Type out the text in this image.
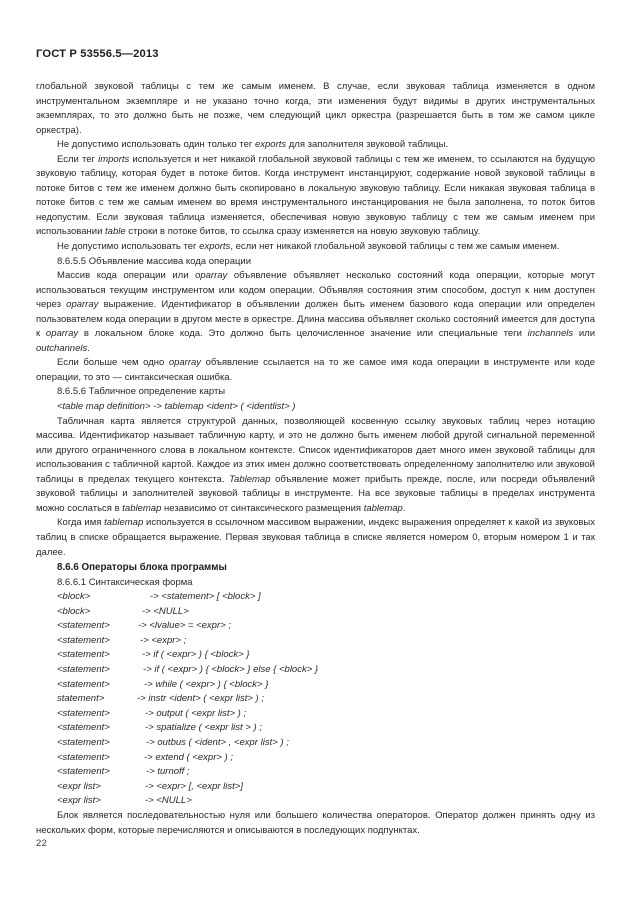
ГОСТ Р 53556.5—2013

глобальной звуковой таблицы с тем же самым именем. В случае, если звуковая таблица изменяется в одном инструментальном экземпляре и не указано точно когда, эти изменения будут видимы в других инструментальных экземплярах, то это должно быть не позже, чем следующий цикл оркестра (разрешается быть в том же самом цикле оркестра).

Не допустимо использовать один только тег exports для заполнителя звуковой таблицы.

Если тег imports используется и нет никакой глобальной звуковой таблицы с тем же именем, то ссылаются на будущую звуковую таблицу, которая будет в потоке битов. Когда инструмент инстанцируют, содержание новой звуковой таблицы в потоке битов с тем же именем должно быть скопировано в локальную звуковую таблицу. Если никакая звуковая таблица в потоке битов с тем же самым именем во время инструментального инстанцирования не была заполнена, то поток битов недопустим. Если звуковая таблица изменяется, обеспечивая новую звуковую таблицу с тем же самым именем при использовании table строки в потоке битов, то ссылка сразу изменяется на новую звуковую таблицу.

Не допустимо использовать тег exports, если нет никакой глобальной звуковой таблицы с тем же самым именем.

8.6.5.5 Объявление массива кода операции

Массив кода операции или oparray объявление объявляет несколько состояний кода операции, которые могут использоваться текущим инструментом или кодом операции. Объявляя состояния этим способом, доступ к ним доступен через oparray выражение. Идентификатор в объявлении должен быть именем базового кода операции или определен пользователем кода операции в другом месте в оркестре. Длина массива объявляет сколько состояний имеется для доступа к oparray в локальном блоке кода. Это должно быть целочисленное значение или специальные теги inchannels или outchannels.

Если больше чем одно oparray объявление ссылается на то же самое имя кода операции в инструменте или коде операции, то это — синтаксическая ошибка.

8.6.5.6 Табличное определение карты
<table map definition> -> tablemap <ident> ( <identlist> )

Табличная карта является структурой данных, позволяющей косвенную ссылку звуковых таблиц через нотацию массива. Идентификатор называет табличную карту, и это не должно быть именем любой другой сигнальной переменной или другого ограниченного слова в локальном контексте. Список идентификаторов дает много имен звуковой таблицы для использования с табличной картой. Каждое из этих имен должно соответствовать определенному заполнителю или звуковой таблицы в пределах текущего контекста. Tablemap объявление может прибыть прежде, после, или посреди объявлений звуковой таблицы и заполнителей звуковой таблицы в инструменте. На все звуковые таблицы в пределах инструмента можно сослаться в tablemap независимо от синтаксического размещения tablemap.

Когда имя tablemap используется в ссылочном массивом выражении, индекс выражения определяет к какой из звуковых таблиц в списке обращается выражение. Первая звуковая таблица в списке является номером 0, вторым номером 1 и так далее.

8.6.6 Операторы блока программы
8.6.6.1 Синтаксическая форма
<block>	-> <statement> [ <block> ]
<block>	-> <NULL>
<statement>	-> <lvalue> = <expr> ;
<statement>	-> <expr> ;
<statement>	-> if ( <expr> ) { <block> }
<statement>	-> if ( <expr> ) { <block> } else { <block> }
<statement>	-> while ( <expr> ) { <block> }
statement>	-> instr <ident> ( <expr list> ) ;
<statement>	-> output ( <expr list> ) ;
<statement>	-> spatialize ( <expr list > ) ;
<statement>	-> outbus ( <ident> , <expr list> ) ;
<statement>	-> extend ( <expr> ) ;
<statement>	-> turnoff ;
<expr list>	-> <expr> [, <expr list>]
<expr list>	-> <NULL>

Блок является последовательностью нуля или большего количества операторов. Оператор должен принять одну из нескольких форм, которые перечисляются и описываются в последующих подпунктах.

22
